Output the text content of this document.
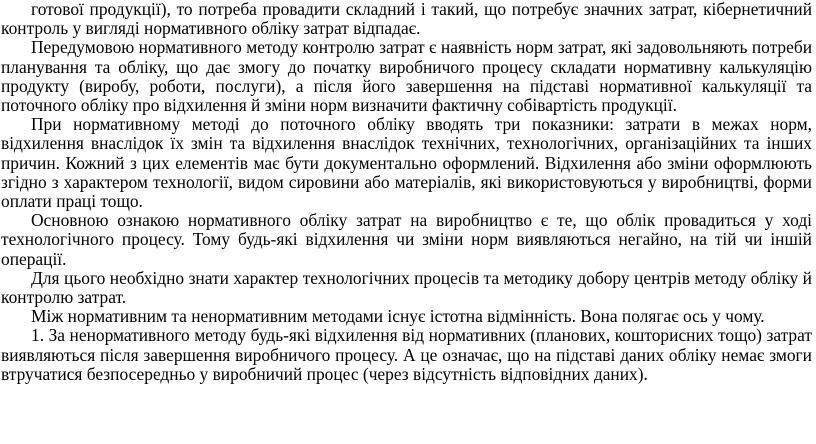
готової продукції), то потреба провадити складний і такий, що потребує значних затрат, кібернетичний контроль у вигляді нормативного обліку затрат відпадає.

Передумовою нормативного методу контролю затрат є наявність норм затрат, які задовольняють потреби планування та обліку, що дає змогу до початку виробничого процесу складати нормативну калькуляцію продукту (виробу, роботи, послуги), а після його завершення на підставі нормативної калькуляції та поточного обліку про відхилення й зміни норм визначити фактичну собівартість продукції.

При нормативному методі до поточного обліку вводять три показники: затрати в межах норм, відхилення внаслідок їх змін та відхилення внаслідок технічних, технологічних, організаційних та інших причин. Кожний з цих елементів має бути документально оформлений. Відхилення або зміни оформлюють згідно з характером технології, видом сировини або матеріалів, які використовуються у виробництві, форми оплати праці тощо.

Основною ознакою нормативного обліку затрат на виробництво є те, що облік провадиться у ході технологічного процесу. Тому будь-які відхилення чи зміни норм виявляються негайно, на тій чи іншій операції.

Для цього необхідно знати характер технологічних процесів та методику добору центрів методу обліку й контролю затрат.

Між нормативним та ненормативним методами існує істотна відмінність. Вона полягає ось у чому.

1. За ненормативного методу будь-які відхилення від нормативних (планових, кошторисних тощо) затрат виявляються після завершення виробничого процесу. А це означає, що на підставі даних обліку немає змоги втручатися безпосередньо у виробничий процес (через відсутність відповідних даних).
